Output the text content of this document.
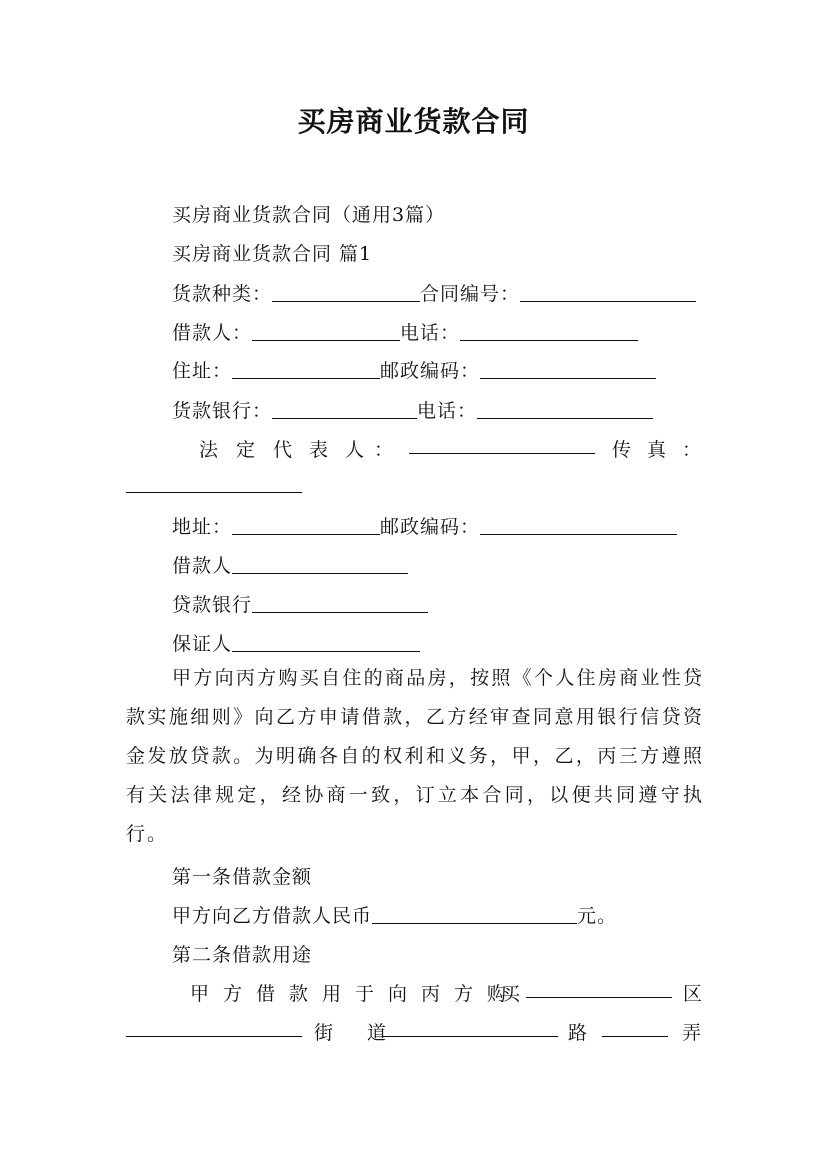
买房商业货款合同
买房商业货款合同（通用3篇）
买房商业货款合同 篇1
货款种类：	合同编号：
借款人：	电话：
住址：	邮政编码：
货款银行：	电话：
法 定 代 表 人 ：	传 真 ：
地址：	邮政编码：
借款人
贷款银行
保证人
甲方向丙方购买自住的商品房，按照《个人住房商业性贷款实施细则》向乙方申请借款，乙方经审查同意用银行信贷资金发放贷款。为明确各自的权利和义务，甲，乙，丙三方遵照有关法律规定，经协商一致，订立本合同，以便共同遵守执行。
第一条借款金额
甲方向乙方借款人民币	元。
第二条借款用途
甲 方 借 款 用 于 向 丙 方 购
买	区
街 道	路	弄
